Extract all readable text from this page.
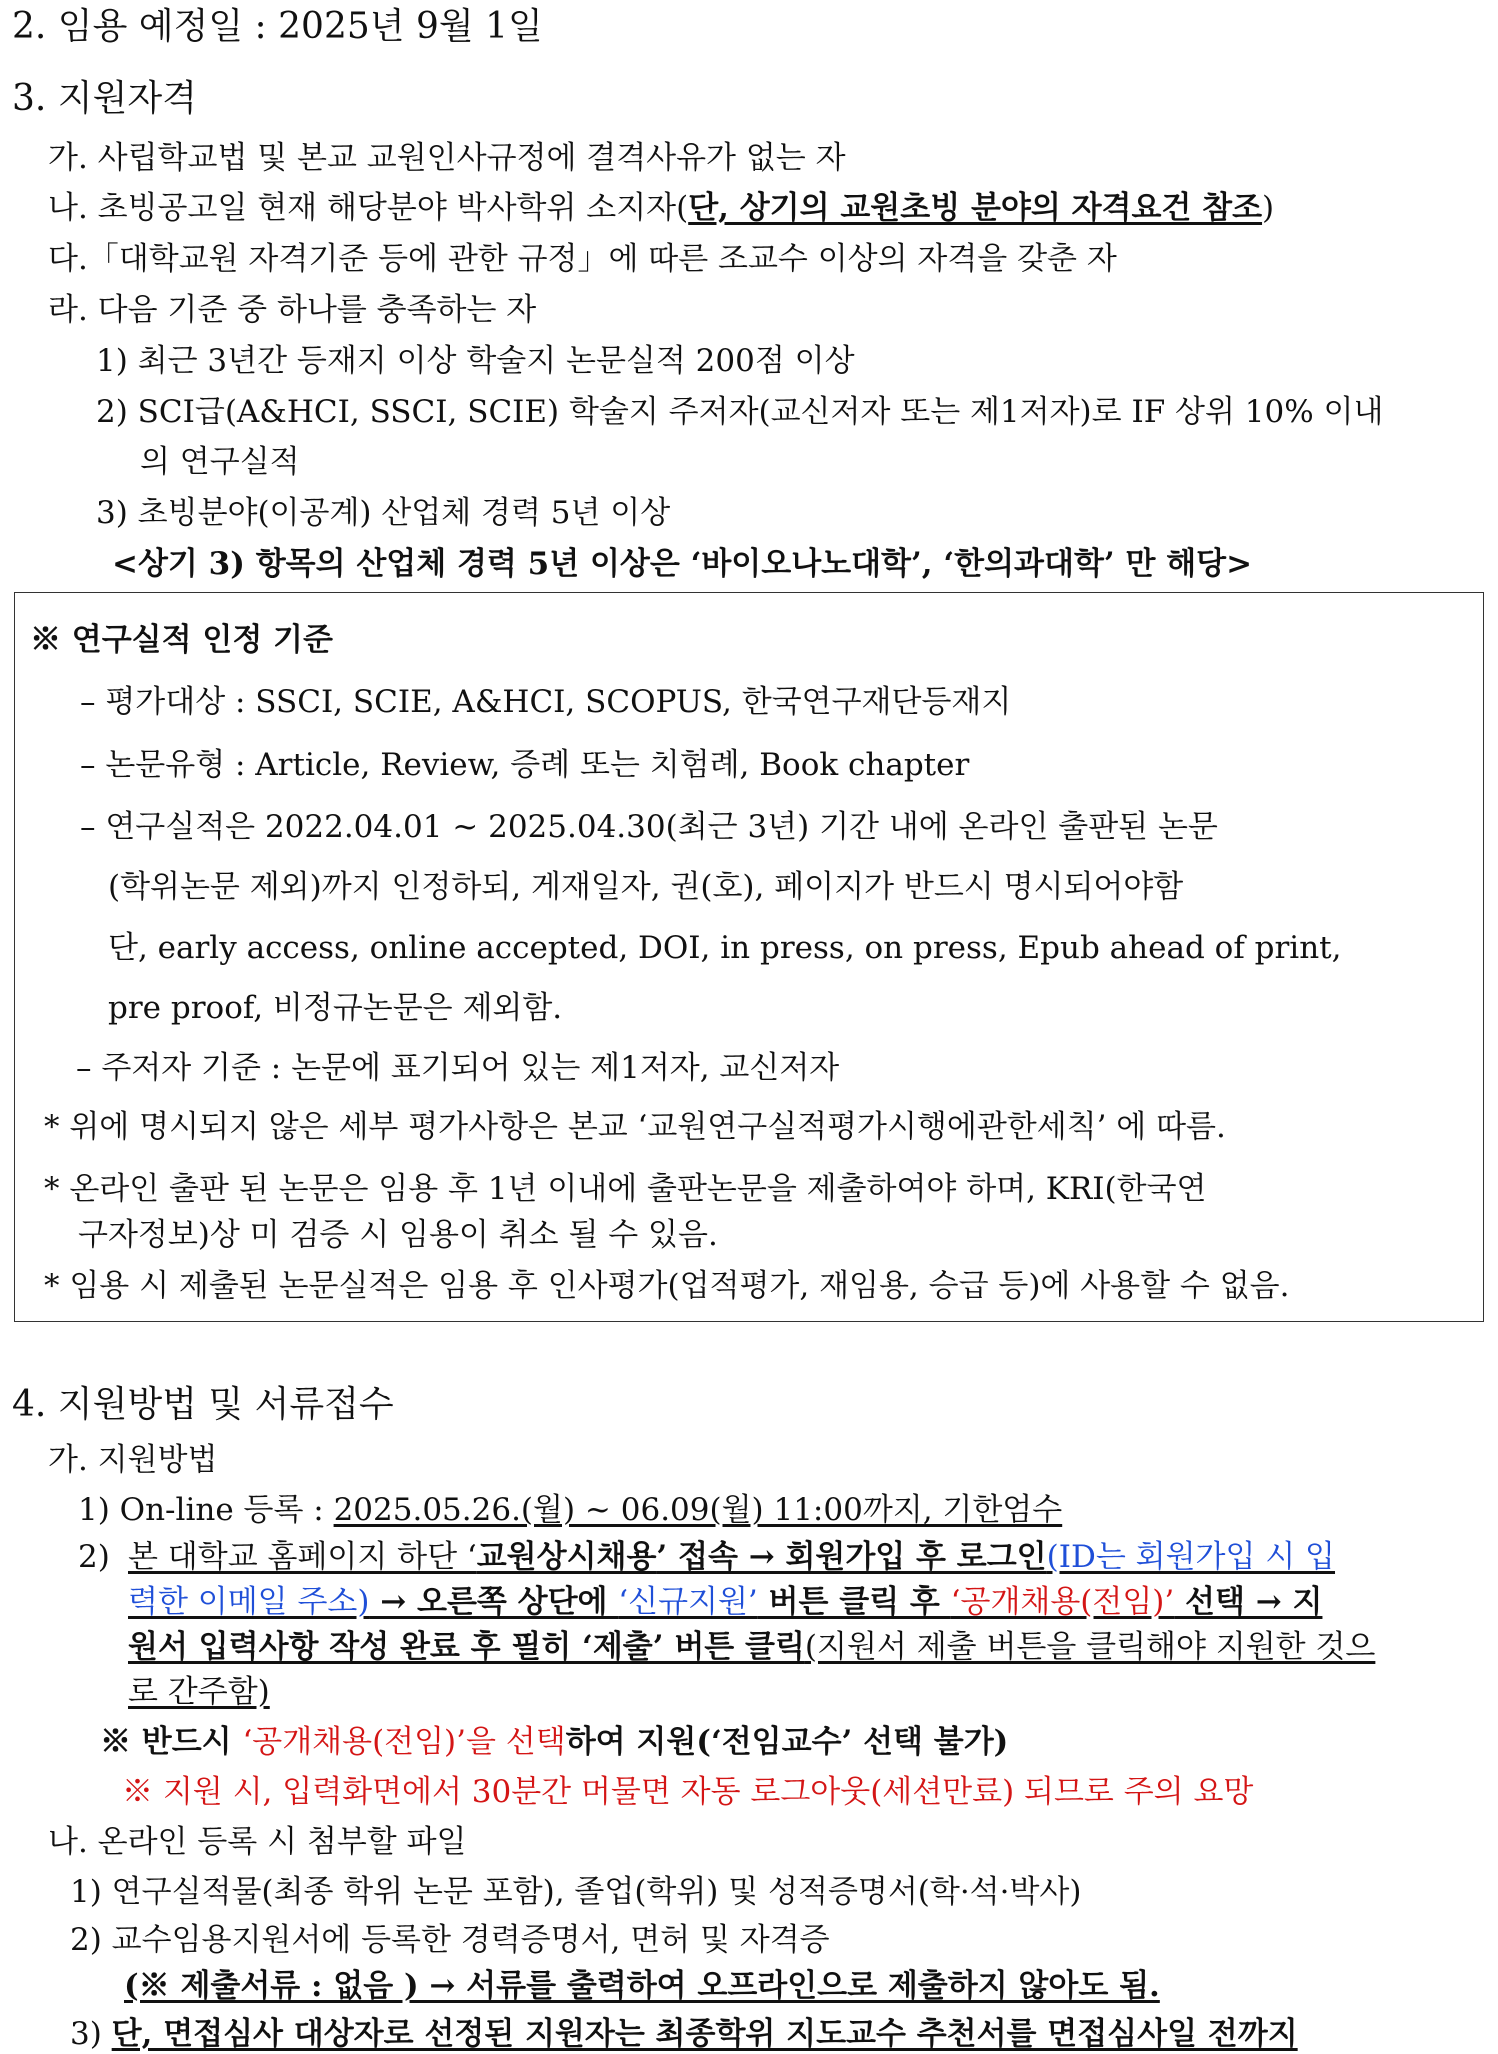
2. 임용 예정일 : 2025년 9월 1일
3. 지원자격
가. 사립학교법 및 본교 교원인사규정에 결격사유가 없는 자
나. 초빙공고일 현재 해당분야 박사학위 소지자(단, 상기의 교원초빙 분야의 자격요건 참조)
다.「대학교원 자격기준 등에 관한 규정」에 따른 조교수 이상의 자격을 갖춘 자
라. 다음 기준 중 하나를 충족하는 자
1) 최근 3년간 등재지 이상 학술지 논문실적 200점 이상
2) SCI급(A&HCI, SSCI, SCIE) 학술지 주저자(교신저자 또는 제1저자)로 IF 상위 10% 이내
의 연구실적
3) 초빙분야(이공계) 산업체 경력 5년 이상
<상기 3) 항목의 산업체 경력 5년 이상은 ‘바이오나노대학’, ‘한의과대학’ 만 해당>
※ 연구실적 인정 기준
– 평가대상 : SSCI, SCIE, A&HCI, SCOPUS, 한국연구재단등재지
– 논문유형 : Article, Review, 증례 또는 치험례, Book chapter
– 연구실적은 2022.04.01 ~ 2025.04.30(최근 3년) 기간 내에 온라인 출판된 논문
(학위논문 제외)까지 인정하되, 게재일자, 권(호), 페이지가 반드시 명시되어야함
단, early access, online accepted, DOI, in press, on press, Epub ahead of print,
pre proof, 비정규논문은 제외함.
– 주저자 기준 : 논문에 표기되어 있는 제1저자, 교신저자
* 위에 명시되지 않은 세부 평가사항은 본교 ‘교원연구실적평가시행에관한세칙’ 에 따름.
* 온라인 출판 된 논문은 임용 후 1년 이내에 출판논문을 제출하여야 하며, KRI(한국연
구자정보)상 미 검증 시 임용이 취소 될 수 있음.
* 임용 시 제출된 논문실적은 임용 후 인사평가(업적평가, 재임용, 승급 등)에 사용할 수 없음.
4. 지원방법 및 서류접수
가. 지원방법
1) On-line 등록 : 2025.05.26.(월) ~ 06.09(월) 11:00까지, 기한엄수
2) 본 대학교 홈페이지 하단 ‘교원상시채용’ 접속 → 회원가입 후 로그인(ID는 회원가입 시 입
력한 이메일 주소) → 오른쪽 상단에 ‘신규지원’ 버튼 클릭 후 ‘공개채용(전임)’ 선택 → 지
원서 입력사항 작성 완료 후 필히 ‘제출’ 버튼 클릭(지원서 제출 버튼을 클릭해야 지원한 것으
로 간주함)
※ 반드시 ‘공개채용(전임)’을 선택하여 지원(‘전임교수’ 선택 불가)
※ 지원 시, 입력화면에서 30분간 머물면 자동 로그아웃(세션만료) 되므로 주의 요망
나. 온라인 등록 시 첨부할 파일
1) 연구실적물(최종 학위 논문 포함), 졸업(학위) 및 성적증명서(학·석·박사)
2) 교수임용지원서에 등록한 경력증명서, 면허 및 자격증
(※ 제출서류 : 없음 ) → 서류를 출력하여 오프라인으로 제출하지 않아도 됨.
3) 단, 면접심사 대상자로 선정된 지원자는 최종학위 지도교수 추천서를 면접심사일 전까지
